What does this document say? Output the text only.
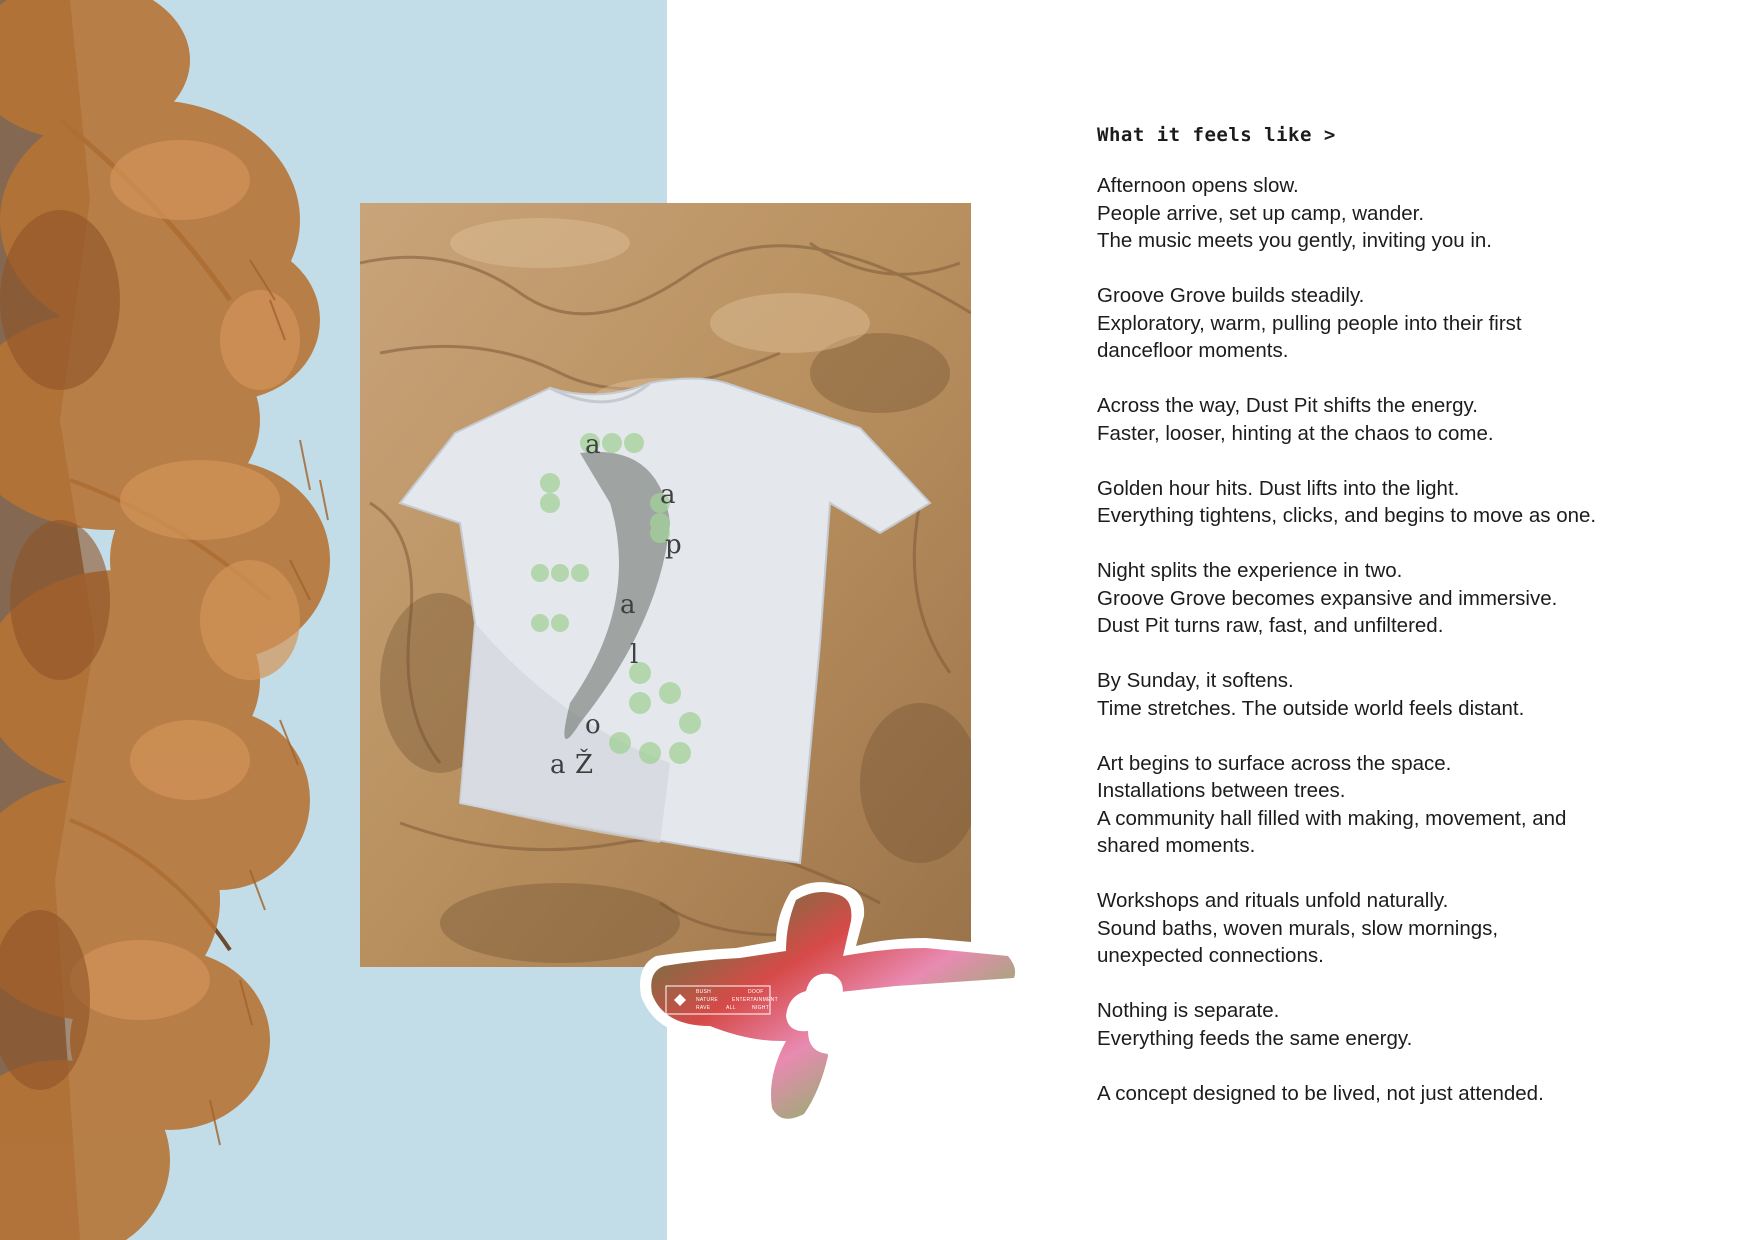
a
a
p
a
l
o
a Ž
BUSH	DOOF
NATURE	ENTERTAINMENT
RAVE	ALL	NIGHT
What it feels like >

Afternoon opens slow.
People arrive, set up camp, wander.
The music meets you gently, inviting you in.

Groove Grove builds steadily.
Exploratory, warm, pulling people into their first
dancefloor moments.

Across the way, Dust Pit shifts the energy.
Faster, looser, hinting at the chaos to come.

Golden hour hits. Dust lifts into the light.
Everything tightens, clicks, and begins to move as one.

Night splits the experience in two.
Groove Grove becomes expansive and immersive.
Dust Pit turns raw, fast, and unfiltered.

By Sunday, it softens.
Time stretches. The outside world feels distant.

Art begins to surface across the space.
Installations between trees.
A community hall filled with making, movement, and
shared moments.

Workshops and rituals unfold naturally.
Sound baths, woven murals, slow mornings,
unexpected connections.

Nothing is separate.
Everything feeds the same energy.

A concept designed to be lived, not just attended.
